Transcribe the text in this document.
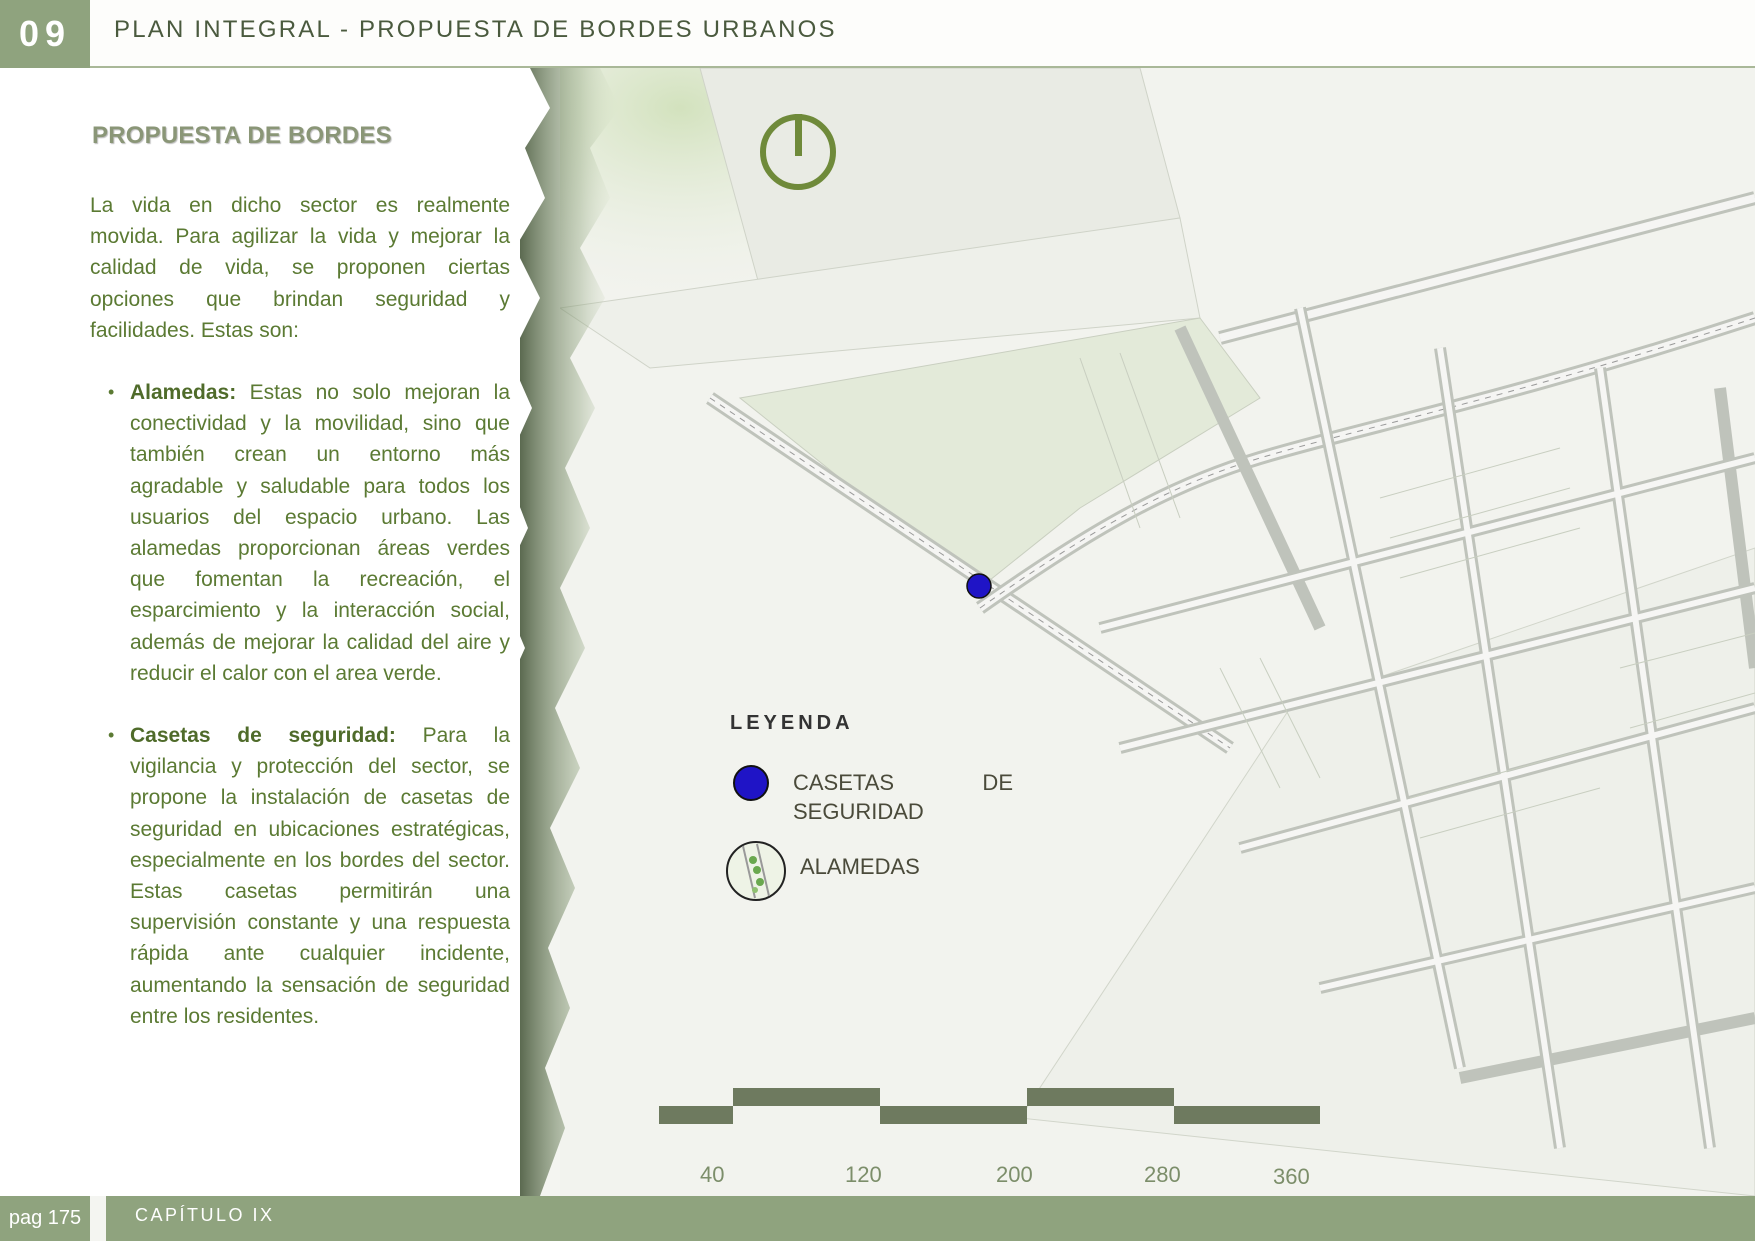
09	PLAN INTEGRAL - PROPUESTA DE BORDES URBANOS
PROPUESTA DE BORDES
La vida en dicho sector es realmente movida. Para agilizar la vida y mejorar la calidad de vida, se proponen ciertas opciones que brindan seguridad y facilidades. Estas son:
• Alamedas: Estas no solo mejoran la conectividad y la movilidad, sino que también crean un entorno más agradable y saludable para todos los usuarios del espacio urbano. Las alamedas proporcionan áreas verdes que fomentan la recreación, el esparcimiento y la interacción social, además de mejorar la calidad del aire y reducir el calor con el area verde.
• Casetas de seguridad: Para la vigilancia y protección del sector, se propone la instalación de casetas de seguridad en ubicaciones estratégicas, especialmente en los bordes del sector. Estas casetas permitirán una supervisión constante y una respuesta rápida ante cualquier incidente, aumentando la sensación de seguridad entre los residentes.
LEYENDA
CASETAS DE
SEGURIDAD
ALAMEDAS
40	120	200	280	360
pag 175	CAPÍTULO IX
